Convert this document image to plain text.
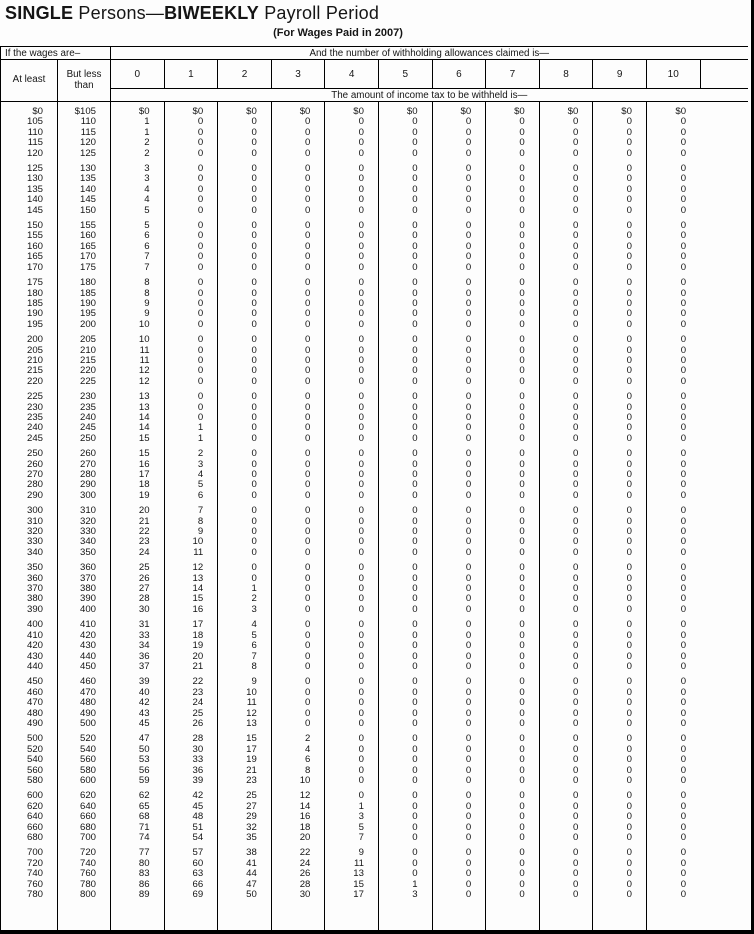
SINGLE Persons—BIWEEKLY Payroll Period
(For Wages Paid in 2007)
If the wages are–		And the number of withholding allowances claimed is—											
At least	But less than	0	1	2	3	4	5	6	7	8	9	10	
		The amount of income tax to be withheld is—											
$0	$105	$0	$0	$0	$0	$0	$0	$0	$0	$0	$0	$0	
105	110	1	0	0	0	0	0	0	0	0	0	0	
110	115	1	0	0	0	0	0	0	0	0	0	0	
115	120	2	0	0	0	0	0	0	0	0	0	0	
120	125	2	0	0	0	0	0	0	0	0	0	0	
125	130	3	0	0	0	0	0	0	0	0	0	0	
130	135	3	0	0	0	0	0	0	0	0	0	0	
135	140	4	0	0	0	0	0	0	0	0	0	0	
140	145	4	0	0	0	0	0	0	0	0	0	0	
145	150	5	0	0	0	0	0	0	0	0	0	0	
150	155	5	0	0	0	0	0	0	0	0	0	0	
155	160	6	0	0	0	0	0	0	0	0	0	0	
160	165	6	0	0	0	0	0	0	0	0	0	0	
165	170	7	0	0	0	0	0	0	0	0	0	0	
170	175	7	0	0	0	0	0	0	0	0	0	0	
175	180	8	0	0	0	0	0	0	0	0	0	0	
180	185	8	0	0	0	0	0	0	0	0	0	0	
185	190	9	0	0	0	0	0	0	0	0	0	0	
190	195	9	0	0	0	0	0	0	0	0	0	0	
195	200	10	0	0	0	0	0	0	0	0	0	0	
200	205	10	0	0	0	0	0	0	0	0	0	0	
205	210	11	0	0	0	0	0	0	0	0	0	0	
210	215	11	0	0	0	0	0	0	0	0	0	0	
215	220	12	0	0	0	0	0	0	0	0	0	0	
220	225	12	0	0	0	0	0	0	0	0	0	0	
225	230	13	0	0	0	0	0	0	0	0	0	0	
230	235	13	0	0	0	0	0	0	0	0	0	0	
235	240	14	0	0	0	0	0	0	0	0	0	0	
240	245	14	1	0	0	0	0	0	0	0	0	0	
245	250	15	1	0	0	0	0	0	0	0	0	0	
250	260	15	2	0	0	0	0	0	0	0	0	0	
260	270	16	3	0	0	0	0	0	0	0	0	0	
270	280	17	4	0	0	0	0	0	0	0	0	0	
280	290	18	5	0	0	0	0	0	0	0	0	0	
290	300	19	6	0	0	0	0	0	0	0	0	0	
300	310	20	7	0	0	0	0	0	0	0	0	0	
310	320	21	8	0	0	0	0	0	0	0	0	0	
320	330	22	9	0	0	0	0	0	0	0	0	0	
330	340	23	10	0	0	0	0	0	0	0	0	0	
340	350	24	11	0	0	0	0	0	0	0	0	0	
350	360	25	12	0	0	0	0	0	0	0	0	0	
360	370	26	13	0	0	0	0	0	0	0	0	0	
370	380	27	14	1	0	0	0	0	0	0	0	0	
380	390	28	15	2	0	0	0	0	0	0	0	0	
390	400	30	16	3	0	0	0	0	0	0	0	0	
400	410	31	17	4	0	0	0	0	0	0	0	0	
410	420	33	18	5	0	0	0	0	0	0	0	0	
420	430	34	19	6	0	0	0	0	0	0	0	0	
430	440	36	20	7	0	0	0	0	0	0	0	0	
440	450	37	21	8	0	0	0	0	0	0	0	0	
450	460	39	22	9	0	0	0	0	0	0	0	0	
460	470	40	23	10	0	0	0	0	0	0	0	0	
470	480	42	24	11	0	0	0	0	0	0	0	0	
480	490	43	25	12	0	0	0	0	0	0	0	0	
490	500	45	26	13	0	0	0	0	0	0	0	0	
500	520	47	28	15	2	0	0	0	0	0	0	0	
520	540	50	30	17	4	0	0	0	0	0	0	0	
540	560	53	33	19	6	0	0	0	0	0	0	0	
560	580	56	36	21	8	0	0	0	0	0	0	0	
580	600	59	39	23	10	0	0	0	0	0	0	0	
600	620	62	42	25	12	0	0	0	0	0	0	0	
620	640	65	45	27	14	1	0	0	0	0	0	0	
640	660	68	48	29	16	3	0	0	0	0	0	0	
660	680	71	51	32	18	5	0	0	0	0	0	0	
680	700	74	54	35	20	7	0	0	0	0	0	0	
700	720	77	57	38	22	9	0	0	0	0	0	0	
720	740	80	60	41	24	11	0	0	0	0	0	0	
740	760	83	63	44	26	13	0	0	0	0	0	0	
760	780	86	66	47	28	15	1	0	0	0	0	0	
780	800	89	69	50	30	17	3	0	0	0	0	0	
